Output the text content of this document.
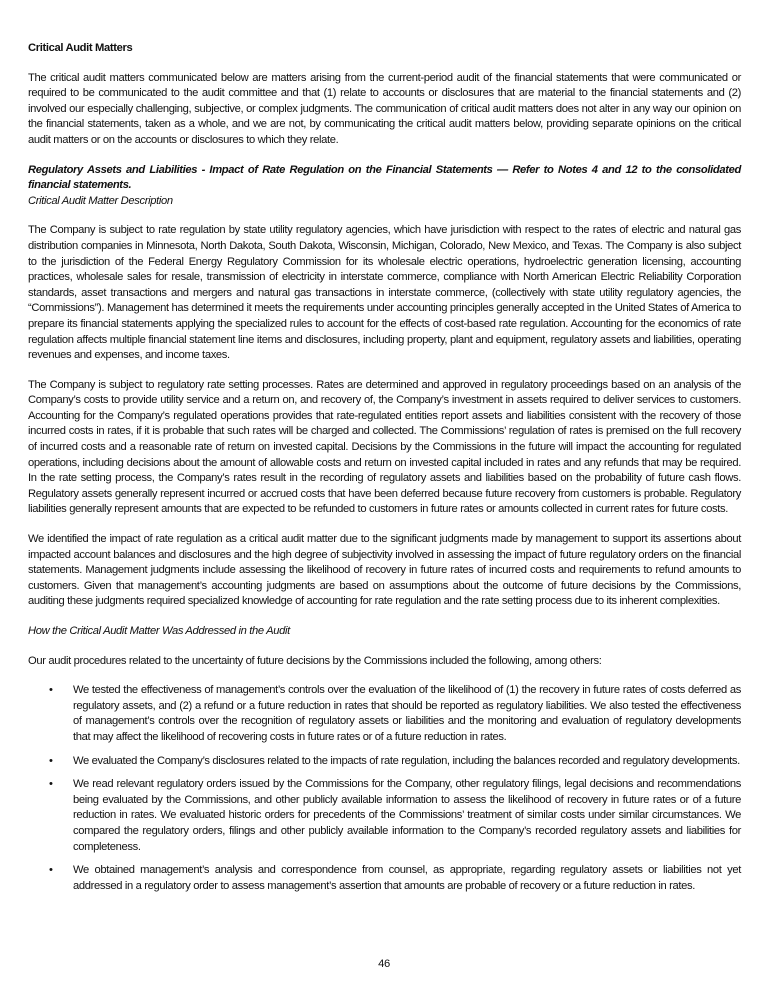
Critical Audit Matters

The critical audit matters communicated below are matters arising from the current-period audit of the financial statements that were communicated or required to be communicated to the audit committee and that (1) relate to accounts or disclosures that are material to the financial statements and (2) involved our especially challenging, subjective, or complex judgments. The communication of critical audit matters does not alter in any way our opinion on the financial statements, taken as a whole, and we are not, by communicating the critical audit matters below, providing separate opinions on the critical audit matters or on the accounts or disclosures to which they relate.

Regulatory Assets and Liabilities - Impact of Rate Regulation on the Financial Statements — Refer to Notes 4 and 12 to the consolidated financial statements.

Critical Audit Matter Description

The Company is subject to rate regulation by state utility regulatory agencies, which have jurisdiction with respect to the rates of electric and natural gas distribution companies in Minnesota, North Dakota, South Dakota, Wisconsin, Michigan, Colorado, New Mexico, and Texas. The Company is also subject to the jurisdiction of the Federal Energy Regulatory Commission for its wholesale electric operations, hydroelectric generation licensing, accounting practices, wholesale sales for resale, transmission of electricity in interstate commerce, compliance with North American Electric Reliability Corporation standards, asset transactions and mergers and natural gas transactions in interstate commerce, (collectively with state utility regulatory agencies, the “Commissions”). Management has determined it meets the requirements under accounting principles generally accepted in the United States of America to prepare its financial statements applying the specialized rules to account for the effects of cost-based rate regulation. Accounting for the economics of rate regulation affects multiple financial statement line items and disclosures, including property, plant and equipment, regulatory assets and liabilities, operating revenues and expenses, and income taxes.

The Company is subject to regulatory rate setting processes. Rates are determined and approved in regulatory proceedings based on an analysis of the Company’s costs to provide utility service and a return on, and recovery of, the Company’s investment in assets required to deliver services to customers. Accounting for the Company’s regulated operations provides that rate-regulated entities report assets and liabilities consistent with the recovery of those incurred costs in rates, if it is probable that such rates will be charged and collected. The Commissions’ regulation of rates is premised on the full recovery of incurred costs and a reasonable rate of return on invested capital. Decisions by the Commissions in the future will impact the accounting for regulated operations, including decisions about the amount of allowable costs and return on invested capital included in rates and any refunds that may be required. In the rate setting process, the Company’s rates result in the recording of regulatory assets and liabilities based on the probability of future cash flows. Regulatory assets generally represent incurred or accrued costs that have been deferred because future recovery from customers is probable. Regulatory liabilities generally represent amounts that are expected to be refunded to customers in future rates or amounts collected in current rates for future costs.

We identified the impact of rate regulation as a critical audit matter due to the significant judgments made by management to support its assertions about impacted account balances and disclosures and the high degree of subjectivity involved in assessing the impact of future regulatory orders on the financial statements. Management judgments include assessing the likelihood of recovery in future rates of incurred costs and requirements to refund amounts to customers. Given that management’s accounting judgments are based on assumptions about the outcome of future decisions by the Commissions, auditing these judgments required specialized knowledge of accounting for rate regulation and the rate setting process due to its inherent complexities.

How the Critical Audit Matter Was Addressed in the Audit

Our audit procedures related to the uncertainty of future decisions by the Commissions included the following, among others:

• We tested the effectiveness of management’s controls over the evaluation of the likelihood of (1) the recovery in future rates of costs deferred as regulatory assets, and (2) a refund or a future reduction in rates that should be reported as regulatory liabilities. We also tested the effectiveness of management’s controls over the recognition of regulatory assets or liabilities and the monitoring and evaluation of regulatory developments that may affect the likelihood of recovering costs in future rates or of a future reduction in rates.

• We evaluated the Company’s disclosures related to the impacts of rate regulation, including the balances recorded and regulatory developments.

• We read relevant regulatory orders issued by the Commissions for the Company, other regulatory filings, legal decisions and recommendations being evaluated by the Commissions, and other publicly available information to assess the likelihood of recovery in future rates or of a future reduction in rates. We evaluated historic orders for precedents of the Commissions’ treatment of similar costs under similar circumstances. We compared the regulatory orders, filings and other publicly available information to the Company’s recorded regulatory assets and liabilities for completeness.

• We obtained management’s analysis and correspondence from counsel, as appropriate, regarding regulatory assets or liabilities not yet addressed in a regulatory order to assess management’s assertion that amounts are probable of recovery or a future reduction in rates.

46
